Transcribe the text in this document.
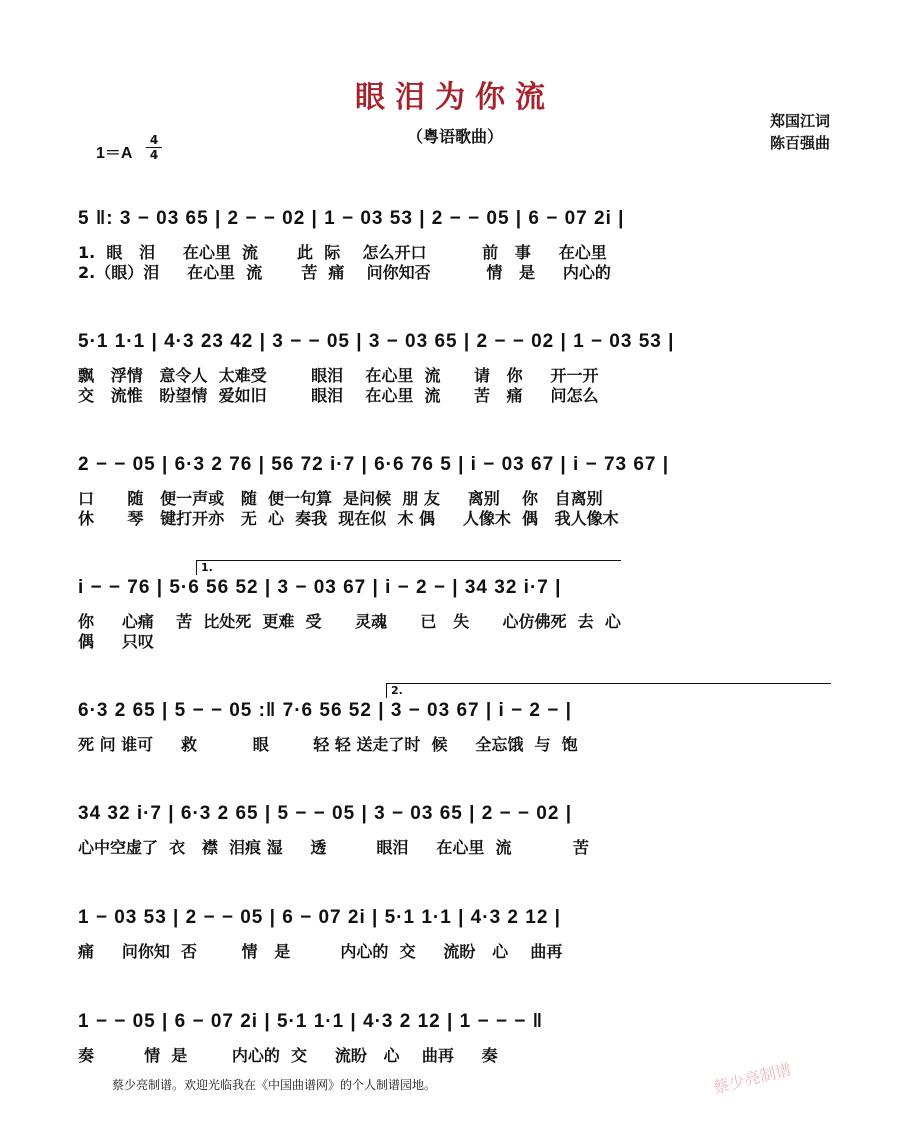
眼泪为你流
（粤语歌曲）
郑国江词
陈百强曲
1＝A
4
4
5 ‖: 3 − 03 65 | 2 − − 02 | 1 − 03 53 | 2 − − 05 | 6 − 07 2i |
1.  眼   泪     在心里  流       此  际    怎么开口          前   事     在心里
2.（眼）泪     在心里  流       苦  痛    问你知否          情   是     内心的
5·1 1·1 | 4·3 23 42 | 3 − − 05 | 3 − 03 65 | 2 − − 02 | 1 − 03 53 |
飘   浮情   意令人  太难受        眼泪    在心里  流      请   你     开一开
交   流惟   盼望情  爱如旧        眼泪    在心里  流      苦   痛     问怎么
2 − − 05 | 6·3 2 76 | 56 72 i·7 | 6·6 76 5 | i − 03 67 | i − 73 67 |
口      随   便一声或   随  便一句算  是问候  朋 友     离别    你   自离别
休      琴   键打开亦   无  心  奏我  现在似  木 偶     人像木  偶   我人像木
1.
i − − 76 | 5·6 56 52 | 3 − 03 67 | i − 2 − | 34 32 i·7 |
你     心痛    苦  比处死  更难  受      灵魂      已   失      心仿佛死  去  心
偶     只叹
2.
6·3 2 65 | 5 − − 05 :‖ 7·6 56 52 | 3 − 03 67 | i − 2 − |
死 问 谁可     救          眼        轻 轻 送走了时  候     全忘饿  与  饱
34 32 i·7 | 6·3 2 65 | 5 − − 05 | 3 − 03 65 | 2 − − 02 |
心中空虚了  衣   襟  泪痕 湿     透         眼泪     在心里  流           苦
1 − 03 53 | 2 − − 05 | 6 − 07 2i | 5·1 1·1 | 4·3 2 12 |
痛     问你知  否        情   是         内心的  交     流盼   心    曲再
1 − − 05 | 6 − 07 2i | 5·1 1·1 | 4·3 2 12 | 1 − − − ‖
奏         情  是        内心的  交     流盼   心    曲再     奏
蔡少亮制谱。欢迎光临我在《中国曲谱网》的个人制谱园地。	蔡少亮制谱
